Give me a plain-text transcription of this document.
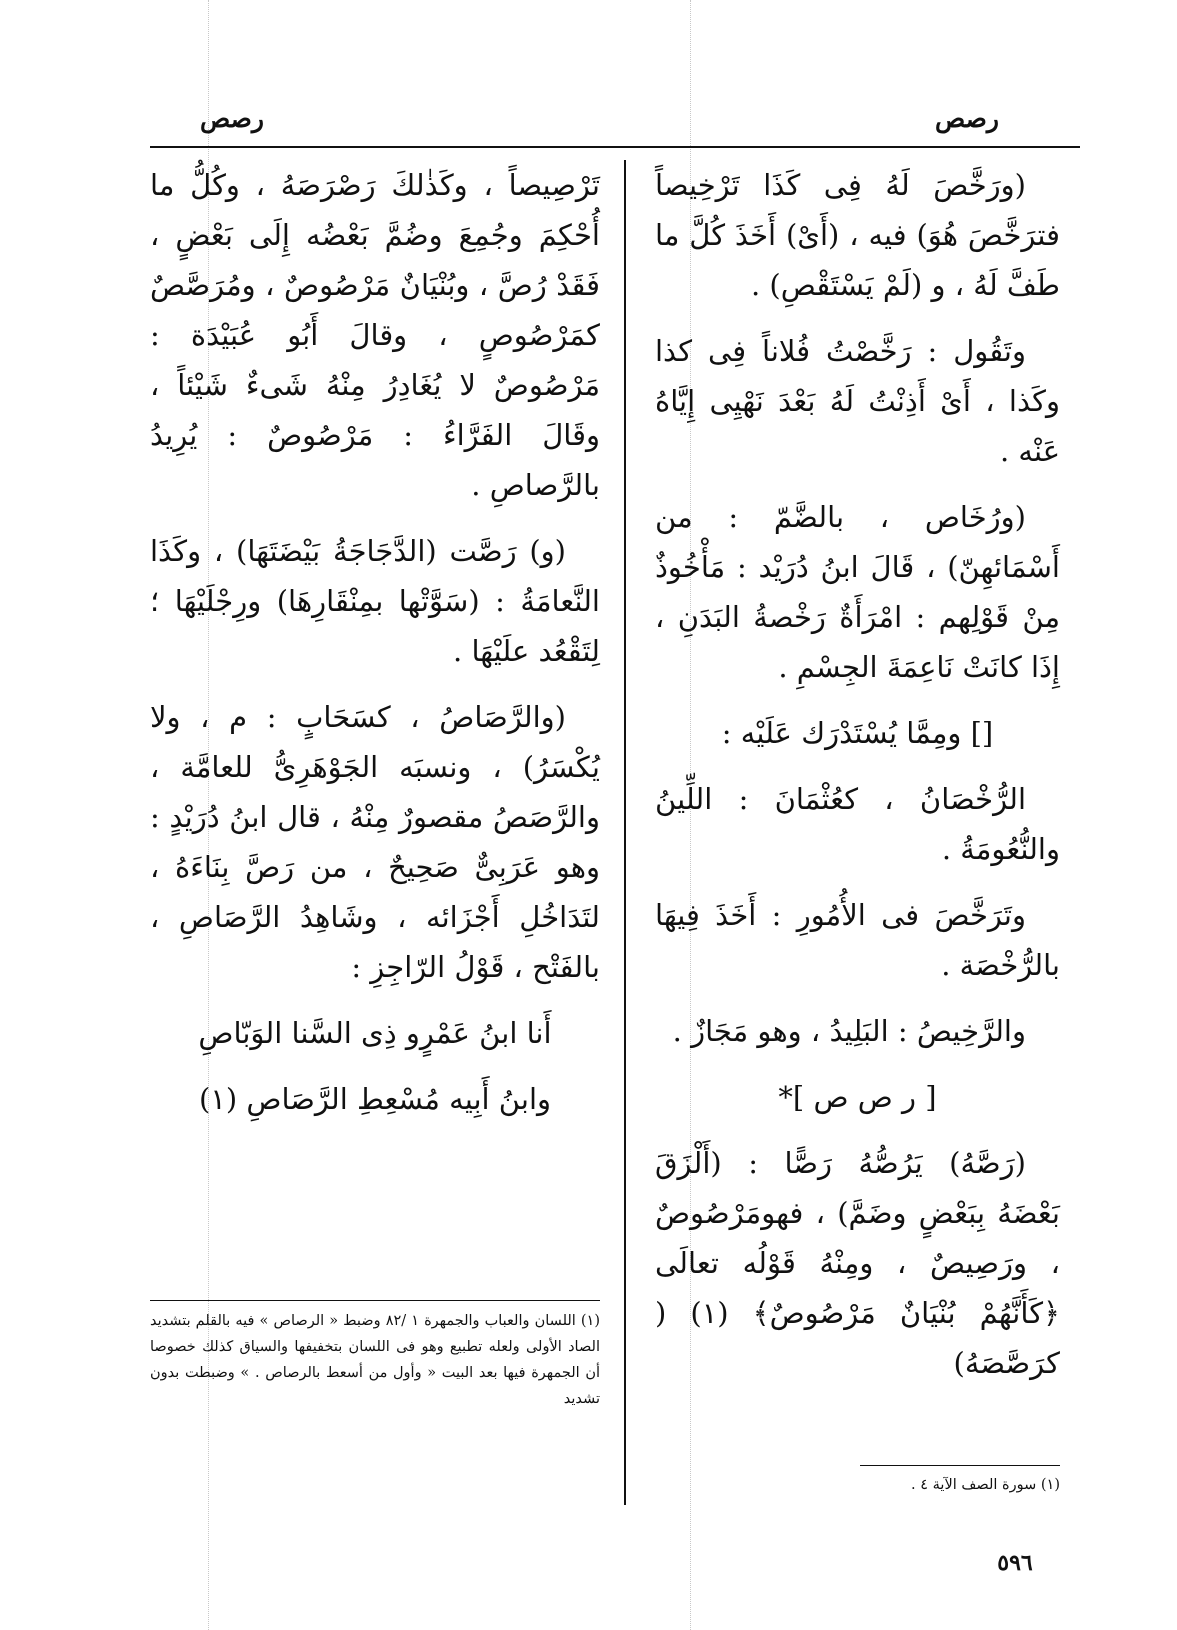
رصص
رصص

(ورَخَّصَ لَهُ فِى كَذَا تَرْخِيصاً فترَخَّصَ هُوَ) فيه ، (أَىْ) أَخَذَ كُلَّ ما طَفَّ لَهُ ، و (لَمْ يَسْتَقْصِ) .

وتَقُول : رَخَّصْتُ فُلاناً فِى كذا وكَذا ، أَىْ أَذِنْتُ لَهُ بَعْدَ نَهْيِى إِيَّاهُ عَنْه .

(ورُخَاص ، بالضَّمّ : من أَسْمَائهِنّ) ، قَالَ ابنُ دُرَيْد : مَأْخُوذٌ مِنْ قَوْلِهم : امْرَأَةٌ رَخْصةُ البَدَنِ ، إِذَا كانَتْ نَاعِمَةَ الجِسْمِ .

[] ومِمَّا يُسْتَدْرَك عَلَيْه :

الرُّخْصَانُ ، كعُثْمَانَ : اللِّينُ والنُّعُومَةُ .

وتَرَخَّصَ فى الأُمُورِ : أَخَذَ فِيهَا بالرُّخْصَة .

والرَّخِيصُ : البَلِيدُ ، وهو مَجَازٌ .

[ ر ص ص ]*

(رَصَّهُ) يَرُصُّهُ رَصًّا : (أَلْزَقَ بَعْضَهُ بِبَعْضٍ وضَمَّ) ، فهومَرْصُوصٌ ، ورَصِيصٌ ، ومِنْهُ قَوْلُه تعالَى ﴿كَأَنَّهُمْ بُنْيَانٌ مَرْصُوصٌ﴾ (١) ( كرَصَّصَهُ)

(١) سورة الصف الآية ٤ .

تَرْصِيصاً ، وكَذٰلكَ رَصْرَصَهُ ، وكُلُّ ما أُحْكِمَ وجُمِعَ وضُمَّ بَعْضُه إِلَى بَعْضٍ ، فَقَدْ رُصَّ ، وبُنْيَانٌ مَرْصُوصٌ ، ومُرَصَّصٌ كمَرْصُوصٍ ، وقالَ أَبُو عُبَيْدَة : مَرْصُوصٌ لا يُغَادِرُ مِنْهُ شَىءٌ شَيْئاً ، وقَالَ الفَرَّاءُ : مَرْصُوصٌ : يُرِيدُ بالرَّصاصِ .

(و) رَصَّت (الدَّجَاجَةُ بَيْضَتَهَا) ، وكَذَا النَّعامَةُ : (سَوَّتْها بمِنْقَارِهَا) ورِجْلَيْهَا ؛ لِتَقْعُد علَيْهَا .

(والرَّصَاصُ ، كسَحَابٍ : م ، ولا يُكْسَرُ) ، ونسبَه الجَوْهَرِىُّ للعامَّة ، والرَّصَصُ مقصورٌ مِنْهُ ، قال ابنُ دُرَيْدٍ : وهو عَرَبِىٌّ صَحِيحٌ ، من رَصَّ بِنَاءَهُ ، لتَدَاخُلِ أَجْزَائه ، وشَاهِدُ الرَّصَاصِ ، بالفَتْح ، قَوْلُ الرّاجِزِ :

أَنا ابنُ عَمْرٍو ذِى السَّنا الوَبّاصِ

وابنُ أَبِيه مُسْعِطِ الرَّصَاصِ (١)

(١) اللسان والعباب والجمهرة ١ /٨٢ وضبط « الرصاص » فيه بالقلم بتشديد الصاد الأولى ولعله تطبيع وهو فى اللسان بتخفيفها والسياق كذلك خصوصا أن الجمهرة فيها بعد البيت « وأول من أسعط بالرصاص . » وضبطت بدون تشديد
٥٩٦
